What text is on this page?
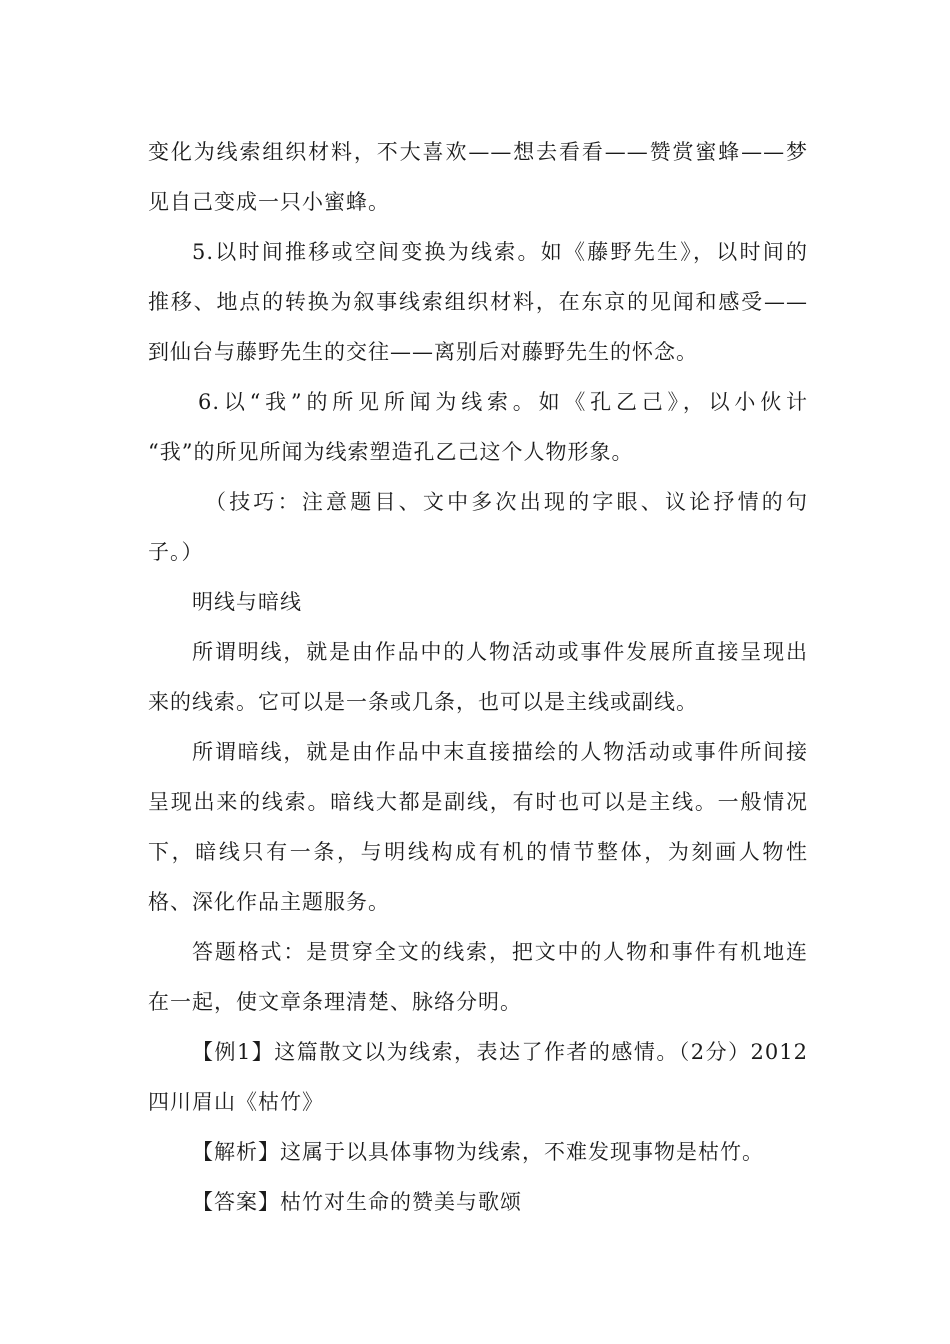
变化为线索组织材料，不大喜欢——想去看看——赞赏蜜蜂——梦
见自己变成一只小蜜蜂。
5.以时间推移或空间变换为线索。如《藤野先生》，以时间的
推移、地点的转换为叙事线索组织材料，在东京的见闻和感受——
到仙台与藤野先生的交往——离别后对藤野先生的怀念。
6.以“我”的所见所闻为线索。如《孔乙己》，以小伙计
“我”的所见所闻为线索塑造孔乙己这个人物形象。
（技巧：注意题目、文中多次出现的字眼、议论抒情的句
子。）
明线与暗线
所谓明线，就是由作品中的人物活动或事件发展所直接呈现出
来的线索。它可以是一条或几条，也可以是主线或副线。
所谓暗线，就是由作品中末直接描绘的人物活动或事件所间接
呈现出来的线索。暗线大都是副线，有时也可以是主线。一般情况
下，暗线只有一条，与明线构成有机的情节整体，为刻画人物性
格、深化作品主题服务。
答题格式：是贯穿全文的线索，把文中的人物和事件有机地连
在一起，使文章条理清楚、脉络分明。
【例1】这篇散文以为线索，表达了作者的感情。（2分）2012
四川眉山《枯竹》
【解析】这属于以具体事物为线索，不难发现事物是枯竹。
【答案】枯竹对生命的赞美与歌颂
